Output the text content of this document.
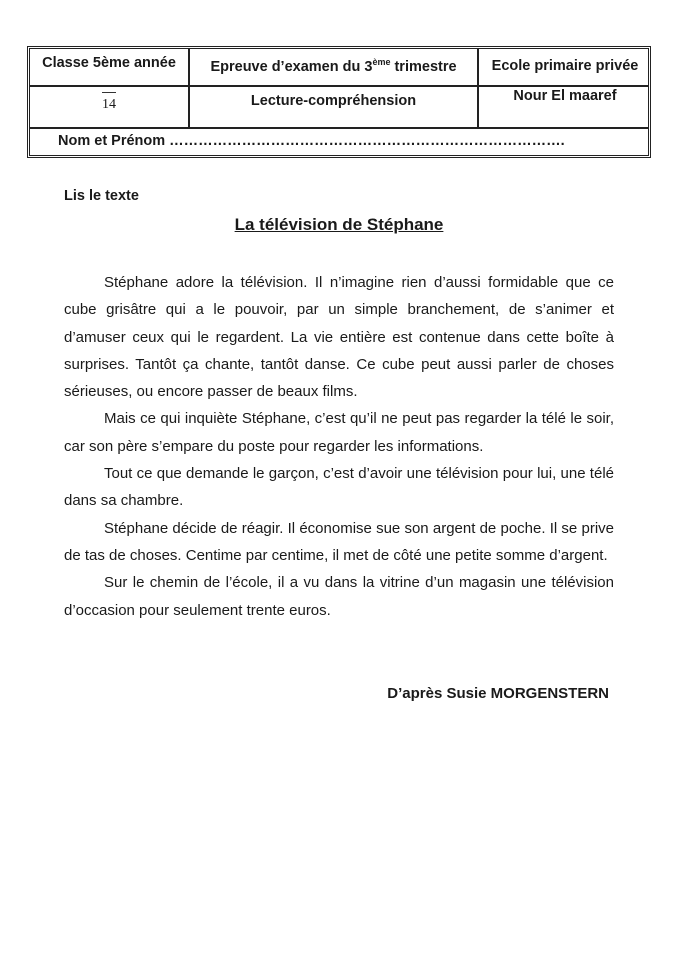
Classe 5ème année	Epreuve d’examen du 3ème trimestre	Ecole primaire privée
14	Lecture-compréhension	Nour El maaref
Nom et Prénom ……………………………………………………………………….
Lis le texte
La télévision de Stéphane

Stéphane adore la télévision. Il n’imagine rien d’aussi formidable que ce cube grisâtre qui a le pouvoir, par un simple branchement, de s’animer et d’amuser ceux qui le regardent. La vie entière est contenue dans cette boîte à surprises. Tantôt ça chante, tantôt danse. Ce cube peut aussi parler de choses sérieuses, ou encore passer de beaux films.

Mais ce qui inquiète Stéphane, c’est qu’il ne peut pas regarder la télé le soir, car son père s’empare du poste pour regarder les informations.

Tout ce que demande le garçon, c’est d’avoir une télévision pour lui, une télé dans sa chambre.

Stéphane décide de réagir. Il économise sue son argent de poche. Il se prive de tas de choses. Centime par centime, il met de côté une petite somme d’argent.

Sur le chemin de l’école, il a vu dans la vitrine d’un magasin une télévision d’occasion pour seulement trente euros.

D’après Susie MORGENSTERN
